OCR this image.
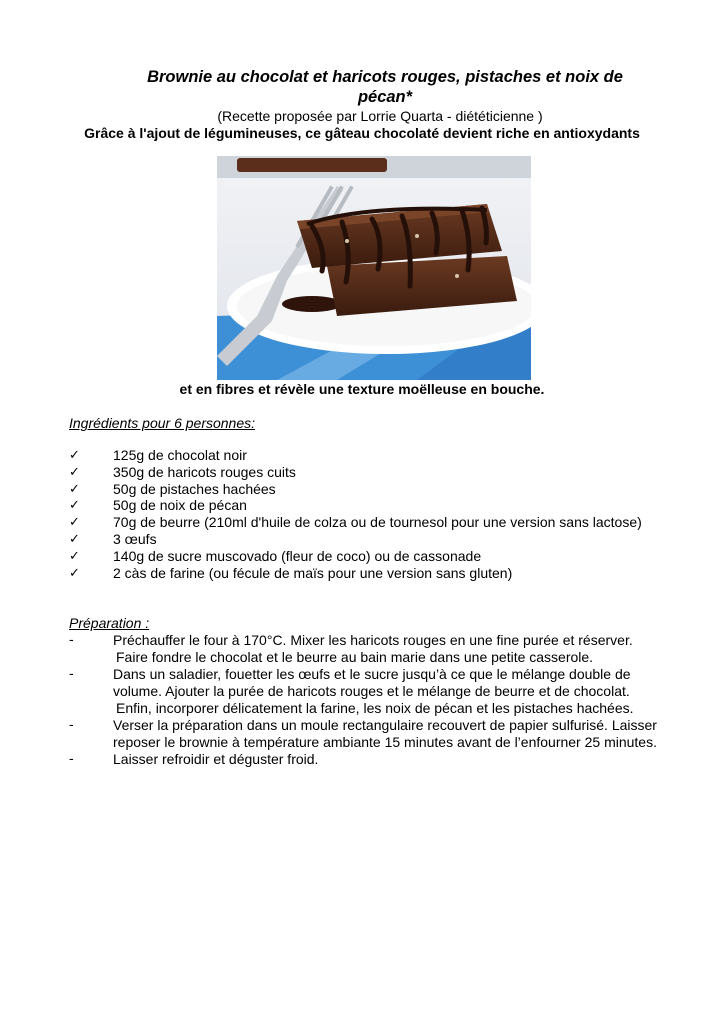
Brownie au chocolat et haricots rouges, pistaches et noix de pécan*
(Recette proposée par Lorrie Quarta - diététicienne )
Grâce à l'ajout de légumineuses, ce gâteau chocolaté devient riche en antioxydants
et en fibres et révèle une texture moëlleuse en bouche.
Ingrédients pour 6 personnes:
✓ 125g de chocolat noir
✓ 350g de haricots rouges cuits
✓ 50g de pistaches hachées
✓ 50g de noix de pécan
✓ 70g de beurre (210ml d'huile de colza ou de tournesol pour une version sans lactose)
✓ 3 œufs
✓ 140g de sucre muscovado (fleur de coco) ou de cassonade
✓ 2 càs de farine (ou fécule de maïs pour une version sans gluten)
Préparation :
-	Préchauffer le four à 170°C. Mixer les haricots rouges en une fine purée et réserver.
Faire fondre le chocolat et le beurre au bain marie dans une petite casserole.
-	Dans un saladier, fouetter les œufs et le sucre jusqu’à ce que le mélange double de volume. Ajouter la purée de haricots rouges et le mélange de beurre et de chocolat.
Enfin, incorporer délicatement la farine, les noix de pécan et les pistaches hachées.
-	Verser la préparation dans un moule rectangulaire recouvert de papier sulfurisé. Laisser reposer le brownie à température ambiante 15 minutes avant de l’enfourner 25 minutes.
-	Laisser refroidir et déguster froid.
